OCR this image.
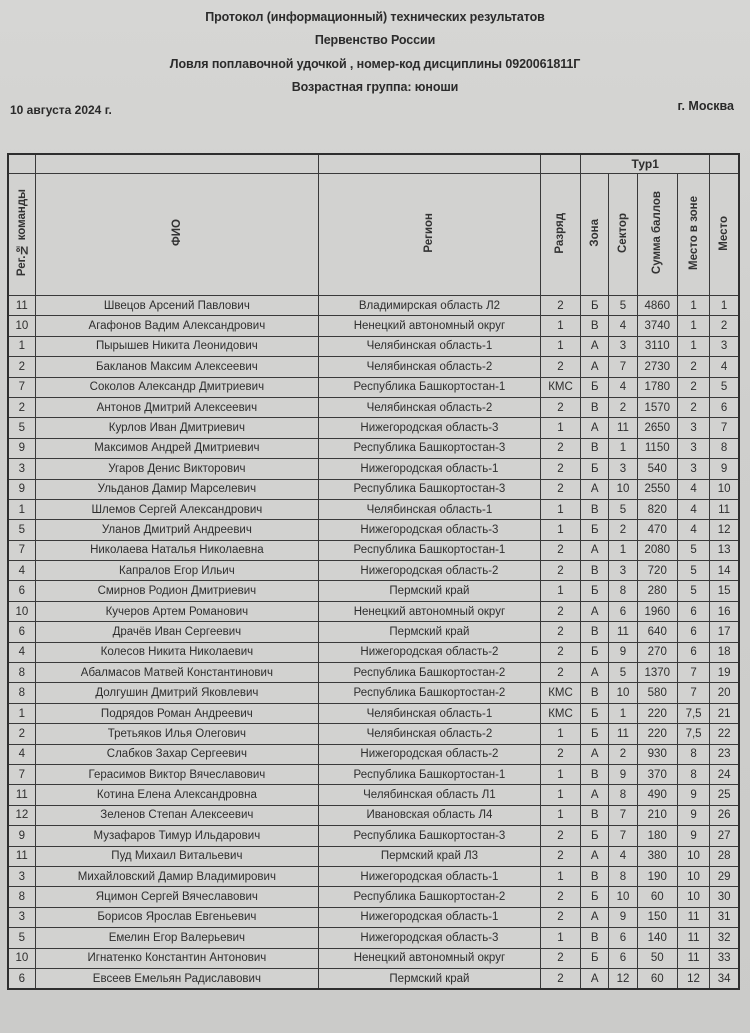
Протокол (информационный) технических результатов
Первенство России
Ловля поплавочной удочкой , номер-код дисциплины 0920061811Г
Возрастная группа: юноши
10 августа 2024 г.	г. Москва
				Тур1				
Рег.№ команды	ФИО	Регион	Разряд	Зона	Сектор	Сумма баллов	Место в зоне	Место
11	Швецов Арсений Павлович	Владимирская область Л2	2	Б	5	4860	1	1
10	Агафонов Вадим Александрович	Ненецкий автономный округ	1	В	4	3740	1	2
1	Пырышев Никита Леонидович	Челябинская область-1	1	А	3	3110	1	3
2	Бакланов Максим Алексеевич	Челябинская область-2	2	А	7	2730	2	4
7	Соколов Александр Дмитриевич	Республика Башкортостан-1	КМС	Б	4	1780	2	5
2	Антонов Дмитрий Алексеевич	Челябинская область-2	2	В	2	1570	2	6
5	Курлов Иван Дмитриевич	Нижегородская область-3	1	А	11	2650	3	7
9	Максимов Андрей Дмитриевич	Республика Башкортостан-3	2	В	1	1150	3	8
3	Угаров Денис Викторович	Нижегородская область-1	2	Б	3	540	3	9
9	Ульданов Дамир Марселевич	Республика Башкортостан-3	2	А	10	2550	4	10
1	Шлемов Сергей Александрович	Челябинская область-1	1	В	5	820	4	11
5	Уланов Дмитрий Андреевич	Нижегородская область-3	1	Б	2	470	4	12
7	Николаева Наталья Николаевна	Республика Башкортостан-1	2	А	1	2080	5	13
4	Капралов Егор Ильич	Нижегородская область-2	2	В	3	720	5	14
6	Смирнов Родион Дмитриевич	Пермский край	1	Б	8	280	5	15
10	Кучеров Артем Романович	Ненецкий автономный округ	2	А	6	1960	6	16
6	Драчёв Иван Сергеевич	Пермский край	2	В	11	640	6	17
4	Колесов Никита Николаевич	Нижегородская область-2	2	Б	9	270	6	18
8	Абалмасов Матвей Константинович	Республика Башкортостан-2	2	А	5	1370	7	19
8	Долгушин Дмитрий Яковлевич	Республика Башкортостан-2	КМС	В	10	580	7	20
1	Подрядов Роман Андреевич	Челябинская область-1	КМС	Б	1	220	7,5	21
2	Третьяков Илья Олегович	Челябинская область-2	1	Б	11	220	7,5	22
4	Слабков Захар Сергеевич	Нижегородская область-2	2	А	2	930	8	23
7	Герасимов Виктор Вячеславович	Республика Башкортостан-1	1	В	9	370	8	24
11	Котина Елена Александровна	Челябинская область Л1	1	А	8	490	9	25
12	Зеленов Степан Алексеевич	Ивановская область Л4	1	В	7	210	9	26
9	Музафаров Тимур Ильдарович	Республика Башкортостан-3	2	Б	7	180	9	27
11	Пуд Михаил Витальевич	Пермский край Л3	2	А	4	380	10	28
3	Михайловский Дамир Владимирович	Нижегородская область-1	1	В	8	190	10	29
8	Яцимон Сергей Вячеславович	Республика Башкортостан-2	2	Б	10	60	10	30
3	Борисов Ярослав Евгеньевич	Нижегородская область-1	2	А	9	150	11	31
5	Емелин Егор Валерьевич	Нижегородская область-3	1	В	6	140	11	32
10	Игнатенко Константин Антонович	Ненецкий автономный округ	2	Б	6	50	11	33
6	Евсеев Емельян Радиславович	Пермский край	2	А	12	60	12	34
